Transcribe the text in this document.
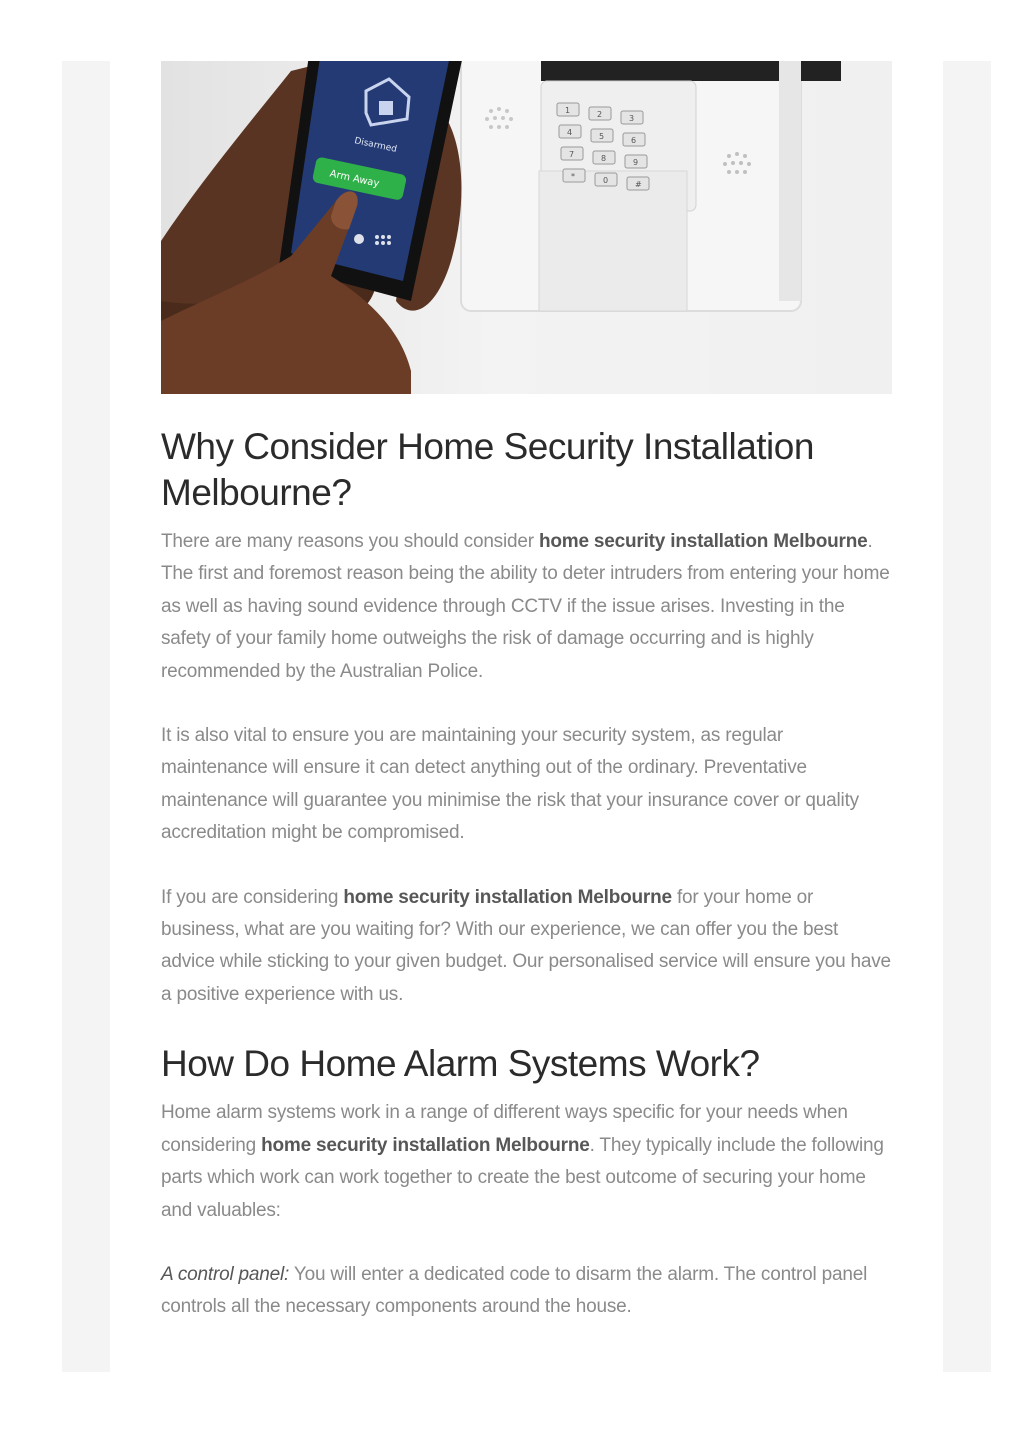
1	2	3
4	5	6
7	8	9
*	0	#
Disarmed
Arm Away
Why Consider Home Security Installation Melbourne?

There are many reasons you should consider home security installation Melbourne. The first and foremost reason being the ability to deter intruders from entering your home as well as having sound evidence through CCTV if the issue arises. Investing in the safety of your family home outweighs the risk of damage occurring and is highly recommended by the Australian Police.

It is also vital to ensure you are maintaining your security system, as regular maintenance will ensure it can detect anything out of the ordinary. Preventative maintenance will guarantee you minimise the risk that your insurance cover or quality accreditation might be compromised.

If you are considering home security installation Melbourne for your home or business, what are you waiting for? With our experience, we can offer you the best advice while sticking to your given budget. Our personalised service will ensure you have a positive experience with us.

How Do Home Alarm Systems Work?

Home alarm systems work in a range of different ways specific for your needs when considering home security installation Melbourne. They typically include the following parts which work can work together to create the best outcome of securing your home and valuables:

A control panel: You will enter a dedicated code to disarm the alarm. The control panel controls all the necessary components around the house.
